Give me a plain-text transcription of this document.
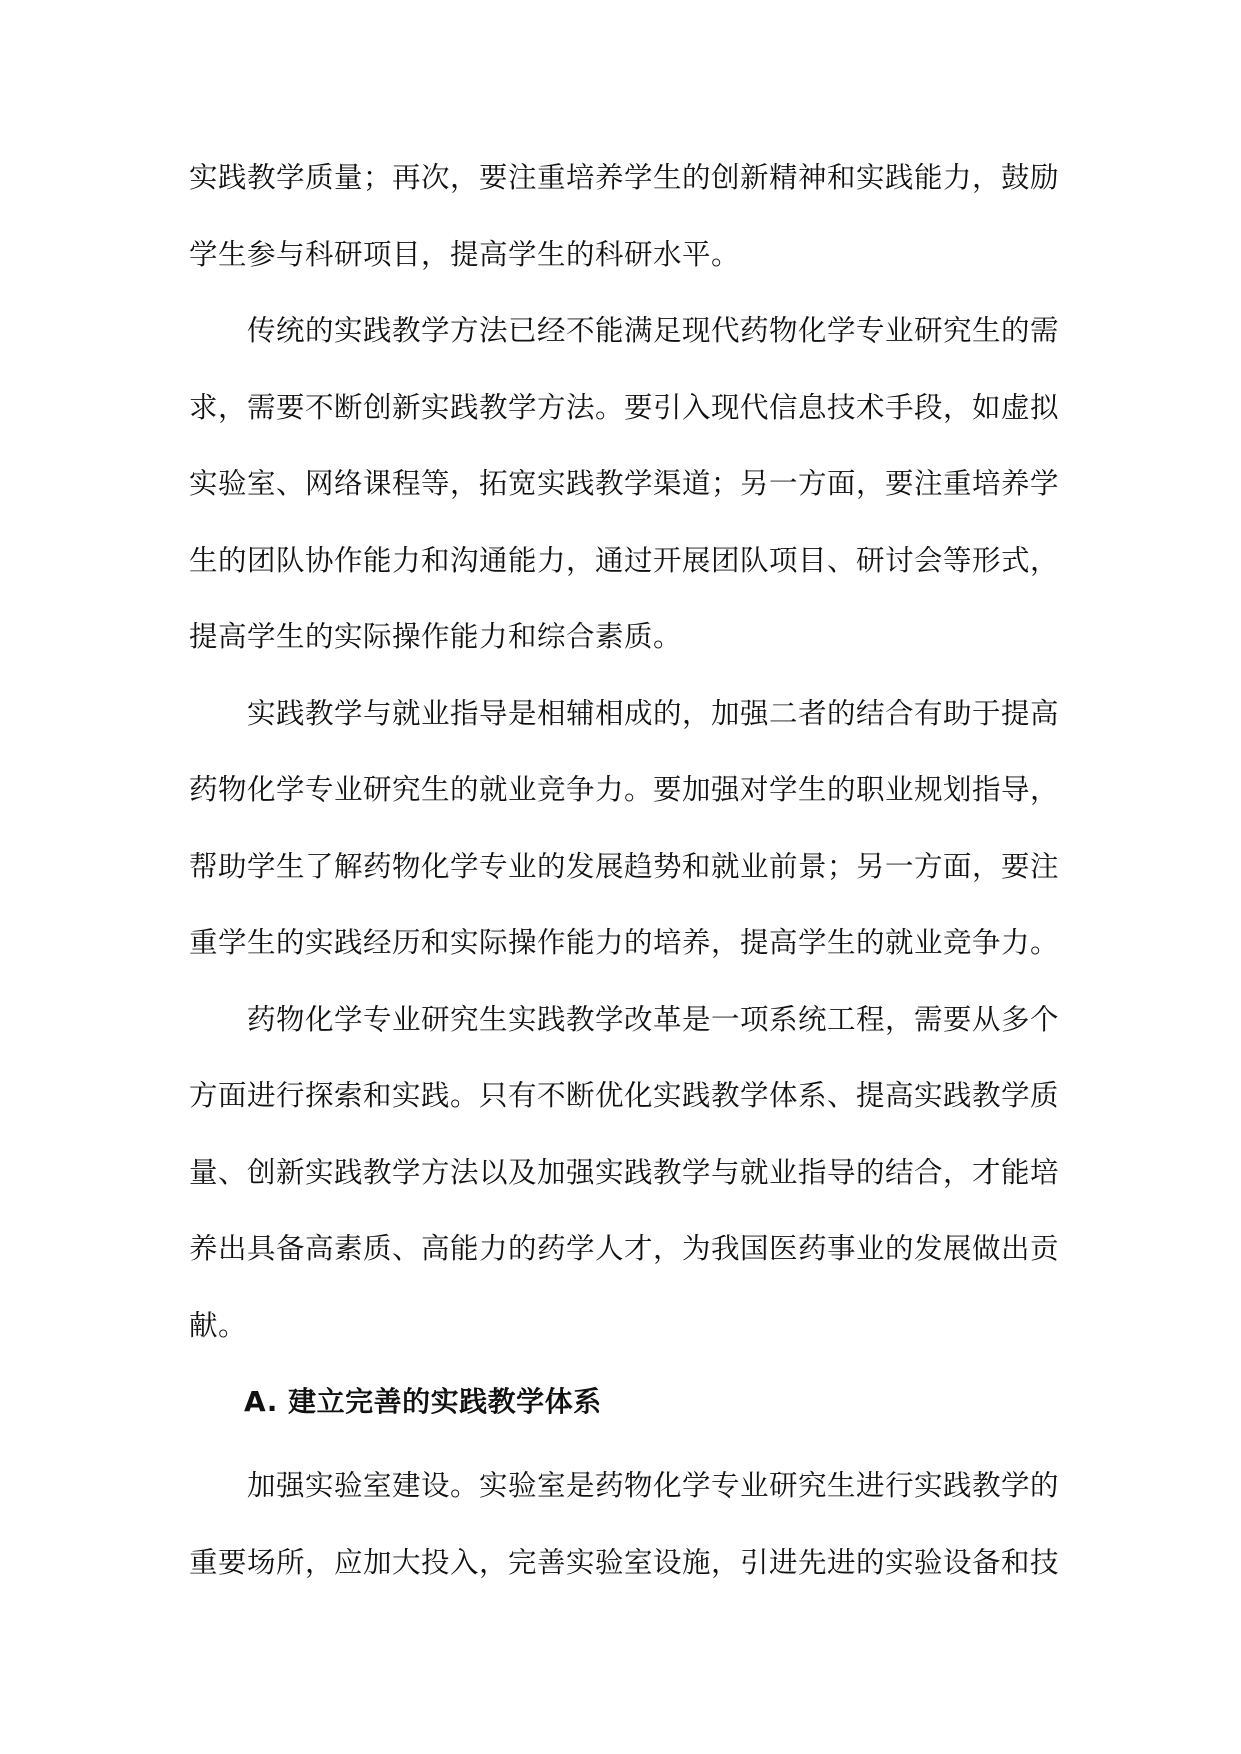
实践教学质量；再次，要注重培养学生的创新精神和实践能力，鼓励学生参与科研项目，提高学生的科研水平。

传统的实践教学方法已经不能满足现代药物化学专业研究生的需求，需要不断创新实践教学方法。要引入现代信息技术手段，如虚拟实验室、网络课程等，拓宽实践教学渠道；另一方面，要注重培养学生的团队协作能力和沟通能力，通过开展团队项目、研讨会等形式，提高学生的实际操作能力和综合素质。

实践教学与就业指导是相辅相成的，加强二者的结合有助于提高药物化学专业研究生的就业竞争力。要加强对学生的职业规划指导，帮助学生了解药物化学专业的发展趋势和就业前景；另一方面，要注重学生的实践经历和实际操作能力的培养，提高学生的就业竞争力。

药物化学专业研究生实践教学改革是一项系统工程，需要从多个方面进行探索和实践。只有不断优化实践教学体系、提高实践教学质量、创新实践教学方法以及加强实践教学与就业指导的结合，才能培养出具备高素质、高能力的药学人才，为我国医药事业的发展做出贡献。

A. 建立完善的实践教学体系

加强实验室建设。实验室是药物化学专业研究生进行实践教学的重要场所，应加大投入，完善实验室设施，引进先进的实验设备和技
